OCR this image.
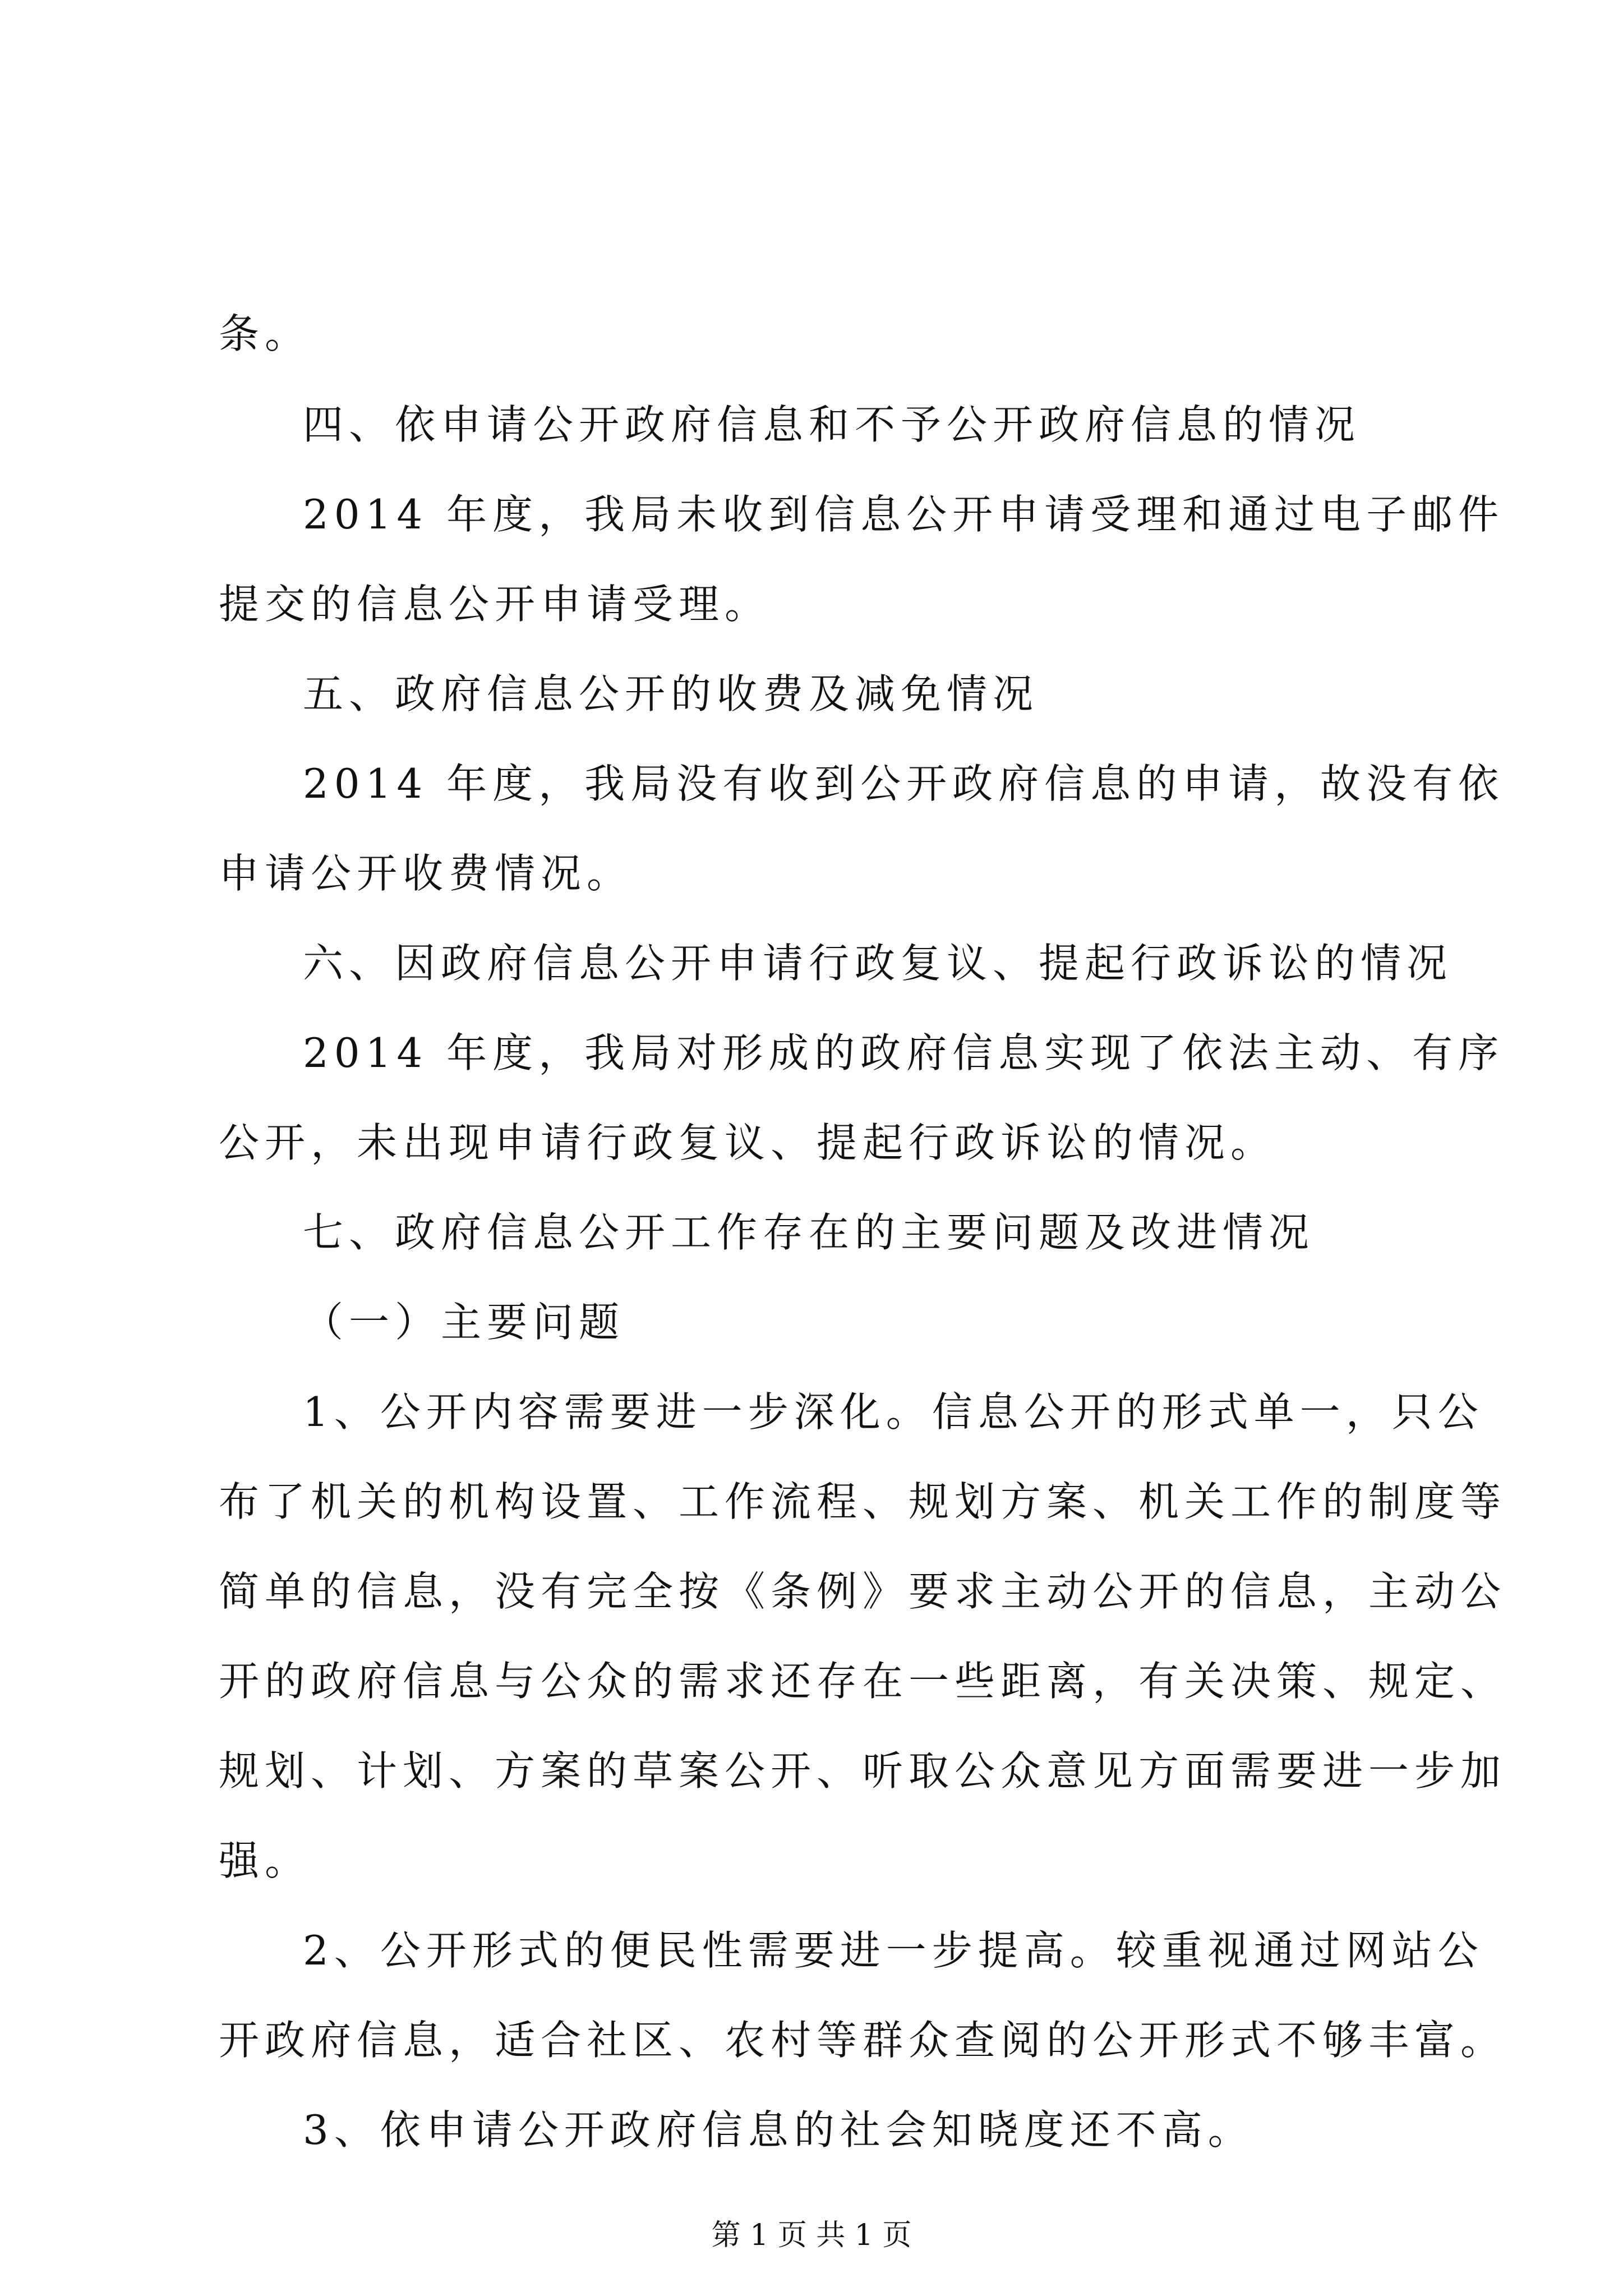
条。
四、依申请公开政府信息和不予公开政府信息的情况
2014 年度，我局未收到信息公开申请受理和通过电子邮件
提交的信息公开申请受理。
五、政府信息公开的收费及减免情况
2014 年度，我局没有收到公开政府信息的申请，故没有依
申请公开收费情况。
六、因政府信息公开申请行政复议、提起行政诉讼的情况
2014 年度，我局对形成的政府信息实现了依法主动、有序
公开，未出现申请行政复议、提起行政诉讼的情况。
七、政府信息公开工作存在的主要问题及改进情况
（一）主要问题
1、公开内容需要进一步深化。信息公开的形式单一，只公
布了机关的机构设置、工作流程、规划方案、机关工作的制度等
简单的信息，没有完全按《条例》要求主动公开的信息，主动公
开的政府信息与公众的需求还存在一些距离，有关决策、规定、
规划、计划、方案的草案公开、听取公众意见方面需要进一步加
强。
2、公开形式的便民性需要进一步提高。较重视通过网站公
开政府信息，适合社区、农村等群众查阅的公开形式不够丰富。
3、依申请公开政府信息的社会知晓度还不高。
第 1 页 共 1 页
